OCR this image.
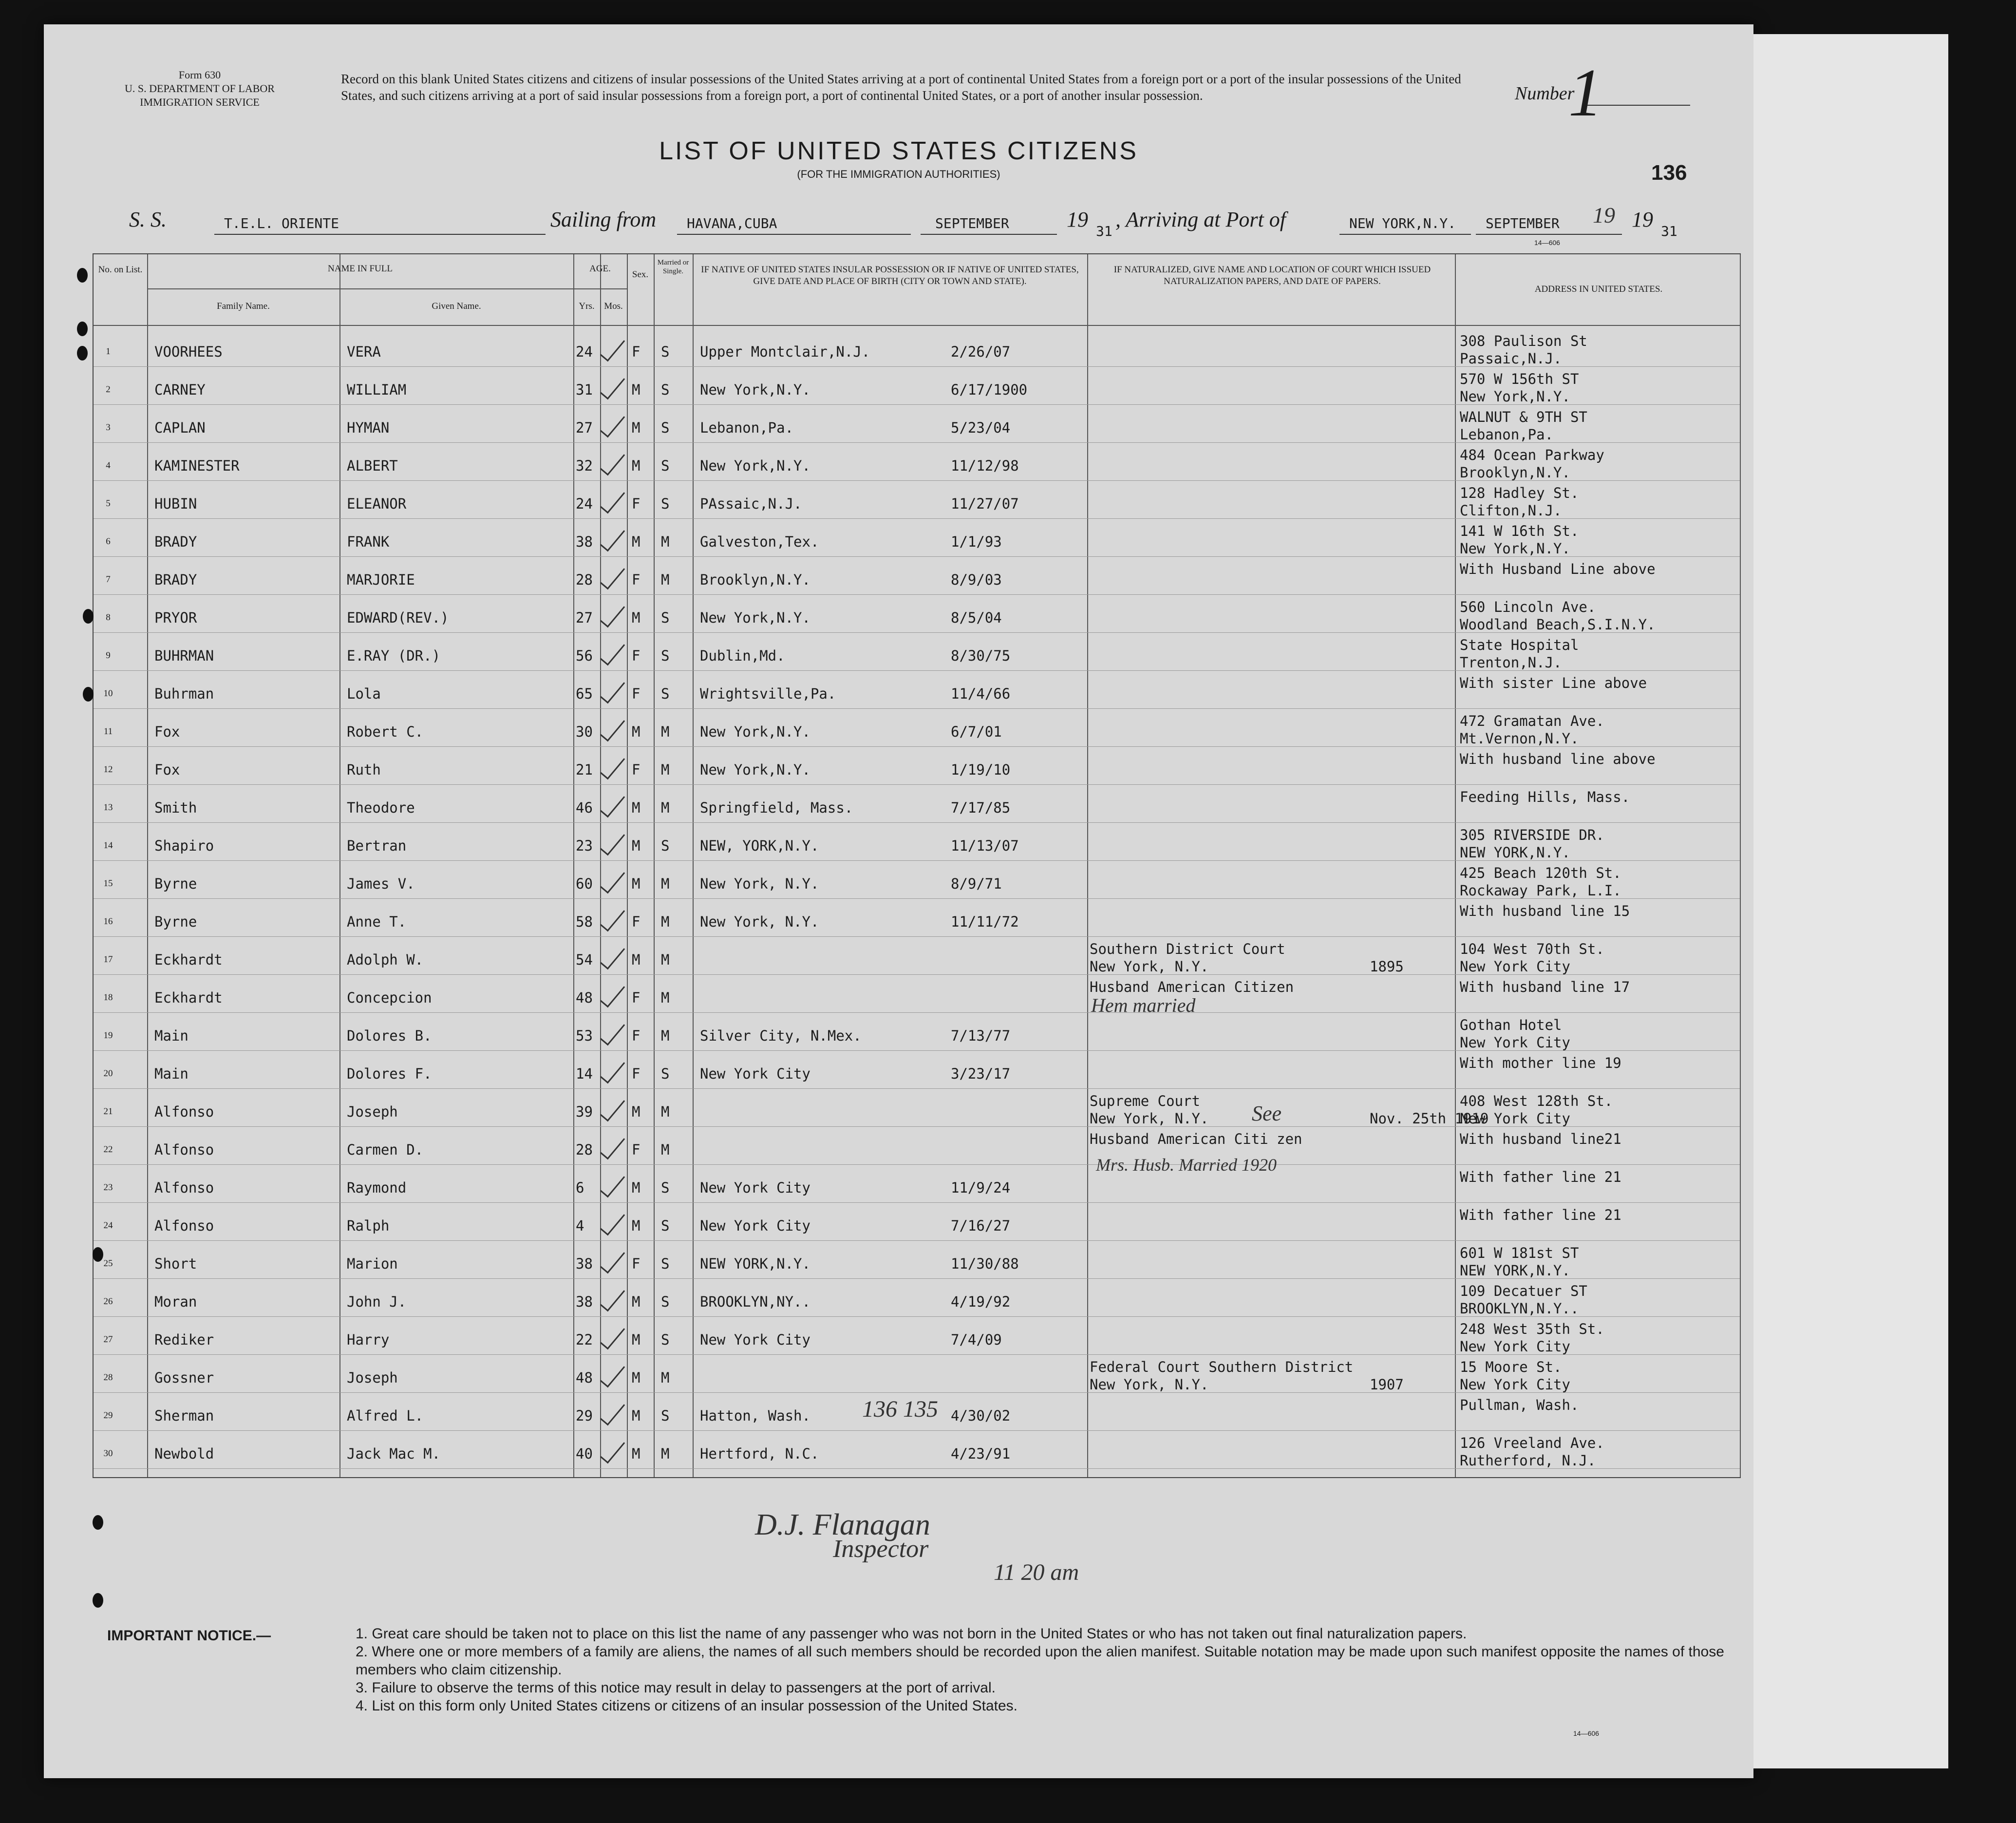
Form 630
U. S. DEPARTMENT OF LABOR
IMMIGRATION SERVICE
Record on this blank United States citizens and citizens of insular possessions of the United States arriving at a port of continental United States from a foreign port or a port of the insular possessions of the United States, and such citizens arriving at a port of said insular possessions from a foreign port, a port of continental United States, or a port of another insular possession.	Number
1
LIST OF UNITED STATES CITIZENS
(FOR THE IMMIGRATION AUTHORITIES)	136
S. S.	T.E.L. ORIENTE	Sailing from HAVANA,CUBA	SEPTEMBER	19 31 , Arriving at Port of	NEW YORK,N.Y. SEPTEMBER 19 19 31
14—606
No. on List.	NAME IN FULL
Family Name.	Given Name.
AGE.
Yrs.	Mos.
Sex.
Married or Single.	IF NATIVE OF UNITED STATES INSULAR POSSESSION OR IF NATIVE OF UNITED STATES, GIVE DATE AND PLACE OF BIRTH (CITY OR TOWN AND STATE).
IF NATURALIZED, GIVE NAME AND LOCATION OF COURT WHICH ISSUED NATURALIZATION PAPERS, AND DATE OF PAPERS.
ADDRESS IN UNITED STATES.
1	VOORHEES	VERA	24	F S Upper Montclair,N.J.	2/26/07
308 Paulison St
Passaic,N.J.
2	CARNEY	WILLIAM	31	M S New York,N.Y.	6/17/1900
570 W 156th ST
New York,N.Y.
3	CAPLAN	HYMAN	27	M S Lebanon,Pa.	5/23/04
WALNUT & 9TH ST
Lebanon,Pa.
4	KAMINESTER	ALBERT	32	M S New York,N.Y.	11/12/98
484 Ocean Parkway
Brooklyn,N.Y.
5	HUBIN	ELEANOR	24	F S PAssaic,N.J.	11/27/07
128 Hadley St.
Clifton,N.J.
6	BRADY	FRANK	38	M M Galveston,Tex.	1/1/93
141 W 16th St.
New York,N.Y.
7	BRADY	MARJORIE	28	F M Brooklyn,N.Y.	8/9/03
With Husband Line above
8	PRYOR	EDWARD(REV.)	27	M S New York,N.Y.	8/5/04
560 Lincoln Ave.
Woodland Beach,S.I.N.Y.
9	BUHRMAN	E.RAY (DR.)	56	F S Dublin,Md.	8/30/75
State Hospital
Trenton,N.J.
10	Buhrman	Lola	65	F S Wrightsville,Pa.	11/4/66
With sister Line above
11	Fox	Robert C.	30	M M New York,N.Y.	6/7/01
472 Gramatan Ave.
Mt.Vernon,N.Y.
12	Fox	Ruth	21	F M New York,N.Y.	1/19/10
With husband line above
13	Smith	Theodore	46	M M Springfield, Mass.	7/17/85
Feeding Hills, Mass.
14	Shapiro	Bertran	23	M S NEW, YORK,N.Y.	11/13/07
305 RIVERSIDE DR.
NEW YORK,N.Y.
15	Byrne	James V.	60	M M New York, N.Y.	8/9/71
425 Beach 120th St.
Rockaway Park, L.I.
16	Byrne	Anne T.	58	F M New York, N.Y.	11/11/72
With husband line 15
17	Eckhardt	Adolph W.	54	M M
Southern District Court
New York, N.Y.	1895
104 West 70th St.
New York City
18	Eckhardt	Concepcion	48	F M
Husband American Citizen	With husband line 17
19	Main	Dolores B.	53	F M Silver City, N.Mex.	7/13/77
Gothan Hotel
New York City
20	Main	Dolores F.	14	F S New York City	3/23/17
With mother line 19
21	Alfonso	Joseph	39	M M
Supreme Court
New York, N.Y.	Nov. 25th 1919
408 West 128th St.
New York City
22	Alfonso	Carmen D.	28	F M
Husband American Citi zen	With husband line21
23	Alfonso	Raymond	6	M S New York City	11/9/24
With father line 21
24	Alfonso	Ralph	4	M S New York City	7/16/27
With father line 21
25	Short	Marion	38	F S NEW YORK,N.Y.	11/30/88
601 W 181st ST
NEW YORK,N.Y.
26	Moran	John J.	38	M S BROOKLYN,NY..	4/19/92
109 Decatuer ST
BROOKLYN,N.Y..
27	Rediker	Harry	22	M S New York City	7/4/09
248 West 35th St.
New York City
28	Gossner	Joseph	48	M M
Federal Court Southern District
New York, N.Y.	1907
15 Moore St.
New York City
29	Sherman	Alfred L.	29	M S Hatton, Wash.	4/30/02
Pullman, Wash.
30	Newbold	Jack Mac M.	40	M M Hertford, N.C.	4/23/91
126 Vreeland Ave.
Rutherford, N.J.
Hem married
See
Mrs. Husb. Married 1920
136 135
D.J. Flanagan
Inspector
11 20 am
IMPORTANT NOTICE.—	1. Great care should be taken not to place on this list the name of any passenger who was not born in the United States or who has not taken out final naturalization papers.
2. Where one or more members of a family are aliens, the names of all such members should be recorded upon the alien manifest. Suitable notation may be made upon such manifest opposite the names of those members who claim citizenship.
3. Failure to observe the terms of this notice may result in delay to passengers at the port of arrival.
4. List on this form only United States citizens or citizens of an insular possession of the United States.
14—606
